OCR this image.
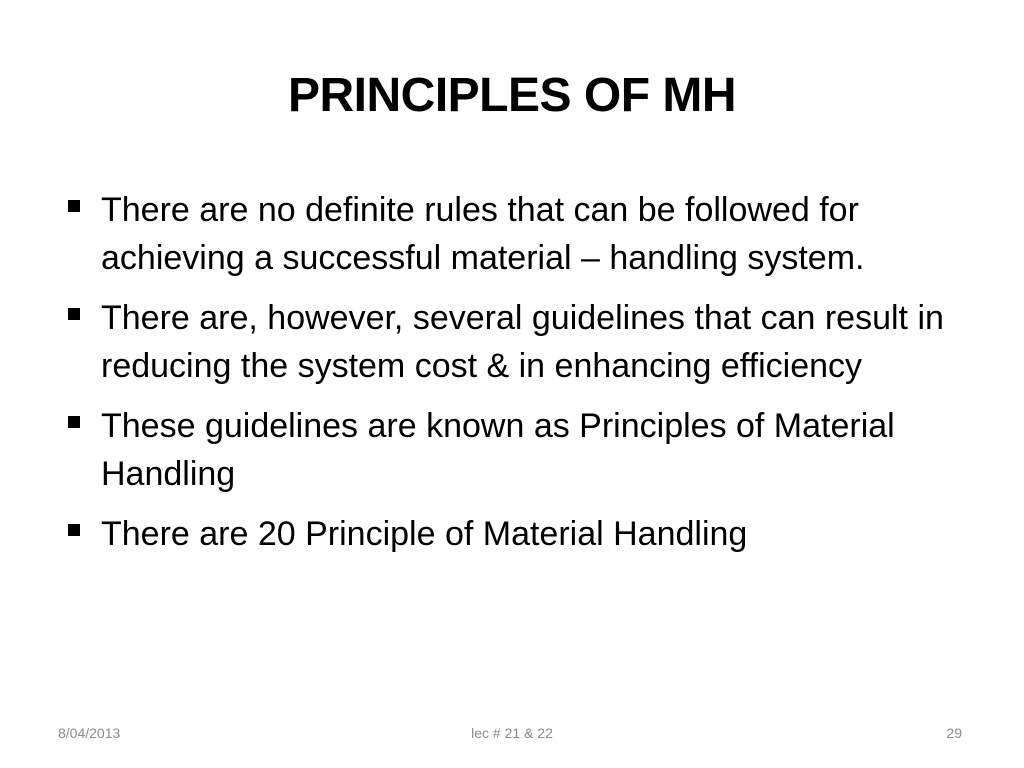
PRINCIPLES OF MH
There are no definite rules that can be followed for achieving a successful material – handling system.
There are, however, several guidelines that can result in reducing the system cost & in enhancing efficiency
These guidelines are known as Principles of Material Handling
There are 20 Principle of Material Handling
8/04/2013	lec # 21 & 22	29
